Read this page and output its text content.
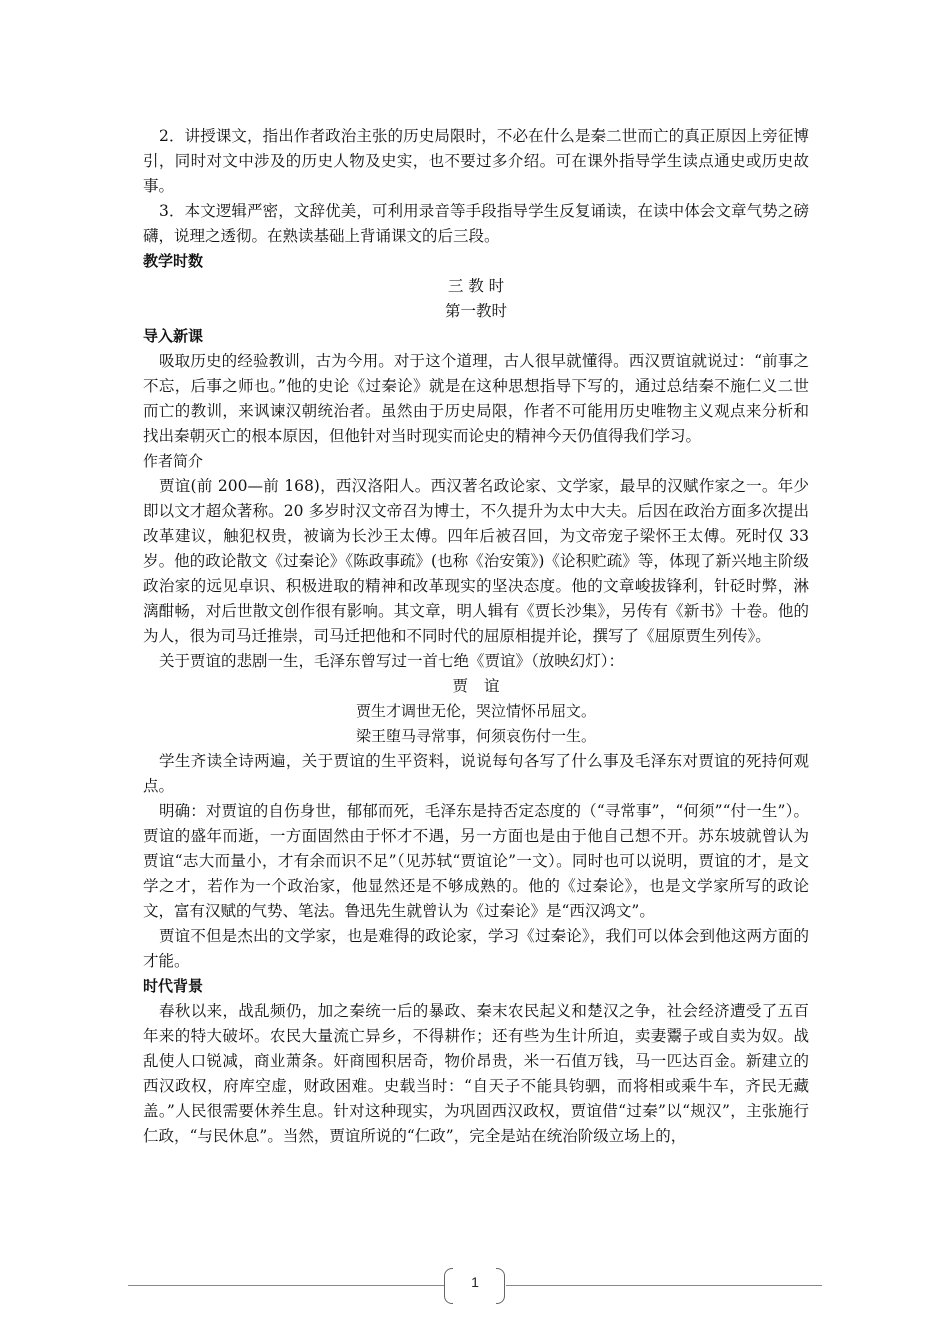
2．讲授课文，指出作者政治主张的历史局限时，不必在什么是秦二世而亡的真正原因上旁征博引，同时对文中涉及的历史人物及史实，也不要过多介绍。可在课外指导学生读点通史或历史故事。

3．本文逻辑严密，文辞优美，可利用录音等手段指导学生反复诵读，在读中体会文章气势之磅礴，说理之透彻。在熟读基础上背诵课文的后三段。

教学时数

三 教 时

第一教时

导入新课

吸取历史的经验教训，古为今用。对于这个道理，古人很早就懂得。西汉贾谊就说过：“前事之不忘，后事之师也。”他的史论《过秦论》就是在这种思想指导下写的，通过总结秦不施仁义二世而亡的教训，来讽谏汉朝统治者。虽然由于历史局限，作者不可能用历史唯物主义观点来分析和找出秦朝灭亡的根本原因，但他针对当时现实而论史的精神今天仍值得我们学习。

作者简介

贾谊(前 200—前 168)，西汉洛阳人。西汉著名政论家、文学家，最早的汉赋作家之一。年少即以文才超众著称。20 多岁时汉文帝召为博士，不久提升为太中大夫。后因在政治方面多次提出改革建议，触犯权贵，被谪为长沙王太傅。四年后被召回，为文帝宠子梁怀王太傅。死时仅 33 岁。他的政论散文《过秦论》《陈政事疏》(也称《治安策》)《论积贮疏》等，体现了新兴地主阶级政治家的远见卓识、积极进取的精神和改革现实的坚决态度。他的文章峻拔锋利，针砭时弊，淋漓酣畅，对后世散文创作很有影响。其文章，明人辑有《贾长沙集》，另传有《新书》十卷。他的为人，很为司马迁推崇，司马迁把他和不同时代的屈原相提并论，撰写了《屈原贾生列传》。

关于贾谊的悲剧一生，毛泽东曾写过一首七绝《贾谊》（放映幻灯）：

贾谊

贾生才调世无伦，哭泣情怀吊屈文。

梁王堕马寻常事，何须哀伤付一生。

学生齐读全诗两遍，关于贾谊的生平资料，说说每句各写了什么事及毛泽东对贾谊的死持何观点。

明确：对贾谊的自伤身世，郁郁而死，毛泽东是持否定态度的（“寻常事”，“何须”“付一生”）。贾谊的盛年而逝，一方面固然由于怀才不遇，另一方面也是由于他自己想不开。苏东坡就曾认为贾谊“志大而量小，才有余而识不足”（见苏轼“贾谊论”一文）。同时也可以说明，贾谊的才，是文学之才，若作为一个政治家，他显然还是不够成熟的。他的《过秦论》，也是文学家所写的政论文，富有汉赋的气势、笔法。鲁迅先生就曾认为《过秦论》是“西汉鸿文”。

贾谊不但是杰出的文学家，也是难得的政论家，学习《过秦论》，我们可以体会到他这两方面的才能。

时代背景

春秋以来，战乱频仍，加之秦统一后的暴政、秦末农民起义和楚汉之争，社会经济遭受了五百年来的特大破坏。农民大量流亡异乡，不得耕作；还有些为生计所迫，卖妻鬻子或自卖为奴。战乱使人口锐减，商业萧条。奸商囤积居奇，物价昂贵，米一石值万钱，马一匹达百金。新建立的西汉政权，府库空虚，财政困难。史载当时：“自天子不能具钧驷，而将相或乘牛车，齐民无藏盖。”人民很需要休养生息。针对这种现实，为巩固西汉政权，贾谊借“过秦”以“规汉”，主张施行仁政，“与民休息”。当然，贾谊所说的“仁政”，完全是站在统治阶级立场上的，

1
